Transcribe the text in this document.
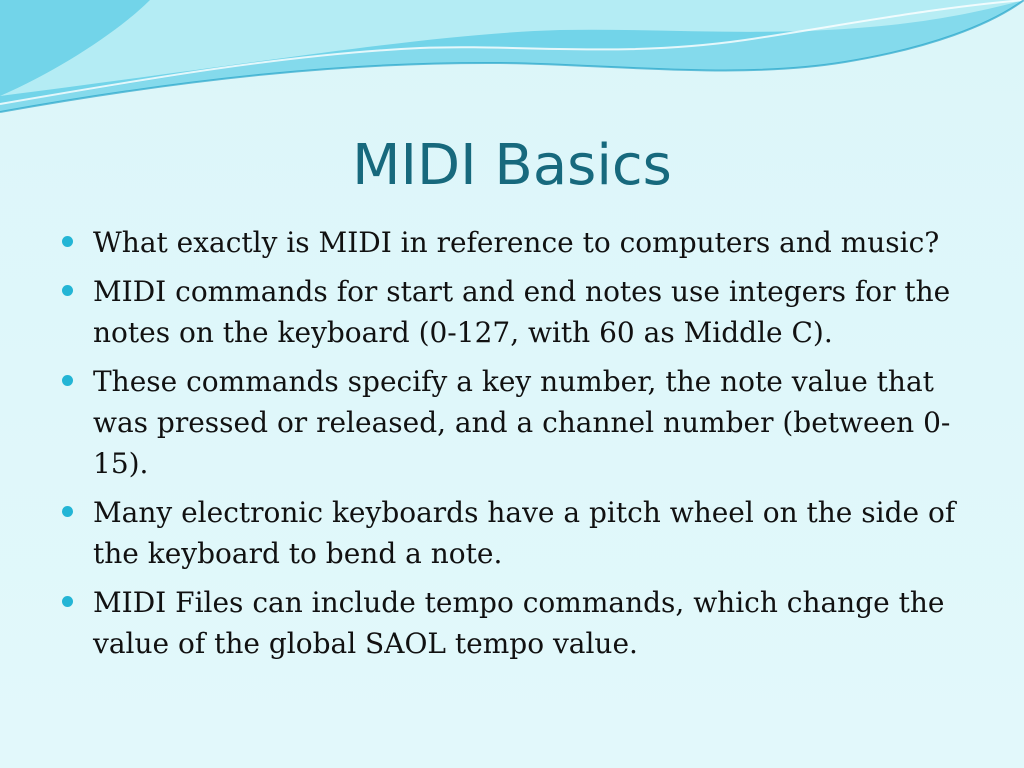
MIDI Basics
What exactly is MIDI in reference to computers and music?
MIDI commands for start and end notes use integers for the notes on the keyboard (0-127, with 60 as Middle C).
These commands specify a key number, the note value that was pressed or released, and a channel number (between 0-15).
Many electronic keyboards have a pitch wheel on the side of the keyboard to bend a note.
MIDI Files can include tempo commands, which change the value of the global SAOL tempo value.
